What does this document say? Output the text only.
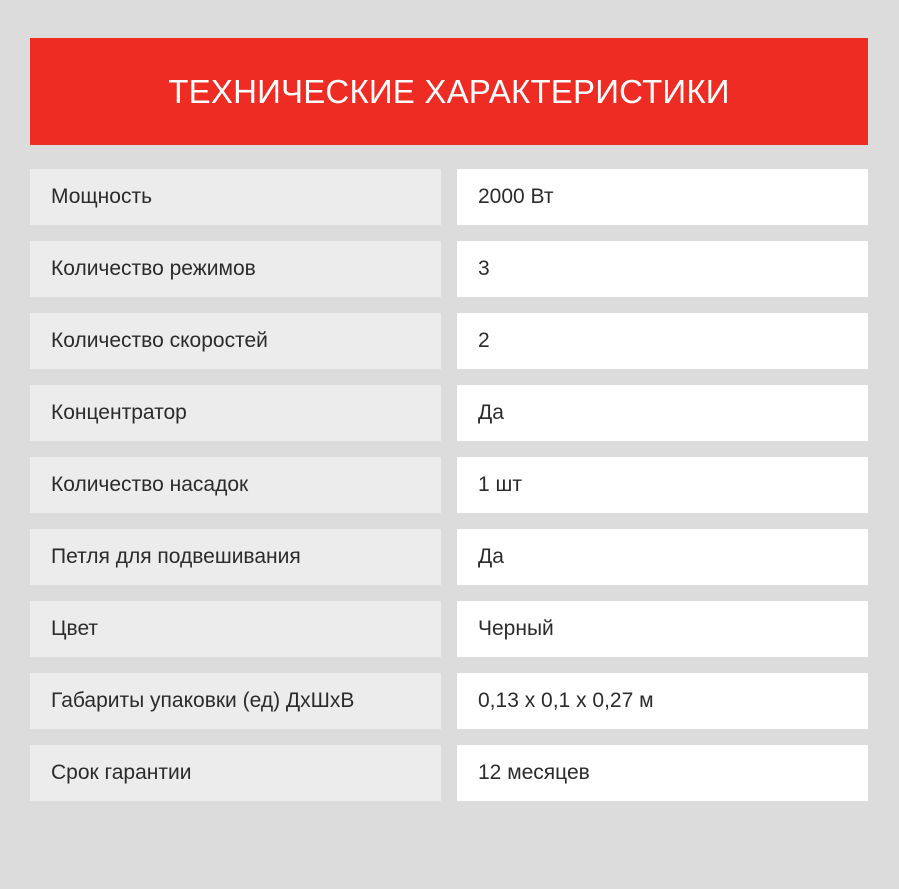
ТЕХНИЧЕСКИЕ ХАРАКТЕРИСТИКИ
Мощность	2000 Вт
Количество режимов	3
Количество скоростей	2
Концентратор	Да
Количество насадок	1 шт
Петля для подвешивания	Да
Цвет	Черный
Габариты упаковки (ед) ДхШхВ	0,13 х 0,1 х 0,27 м
Срок гарантии	12 месяцев
